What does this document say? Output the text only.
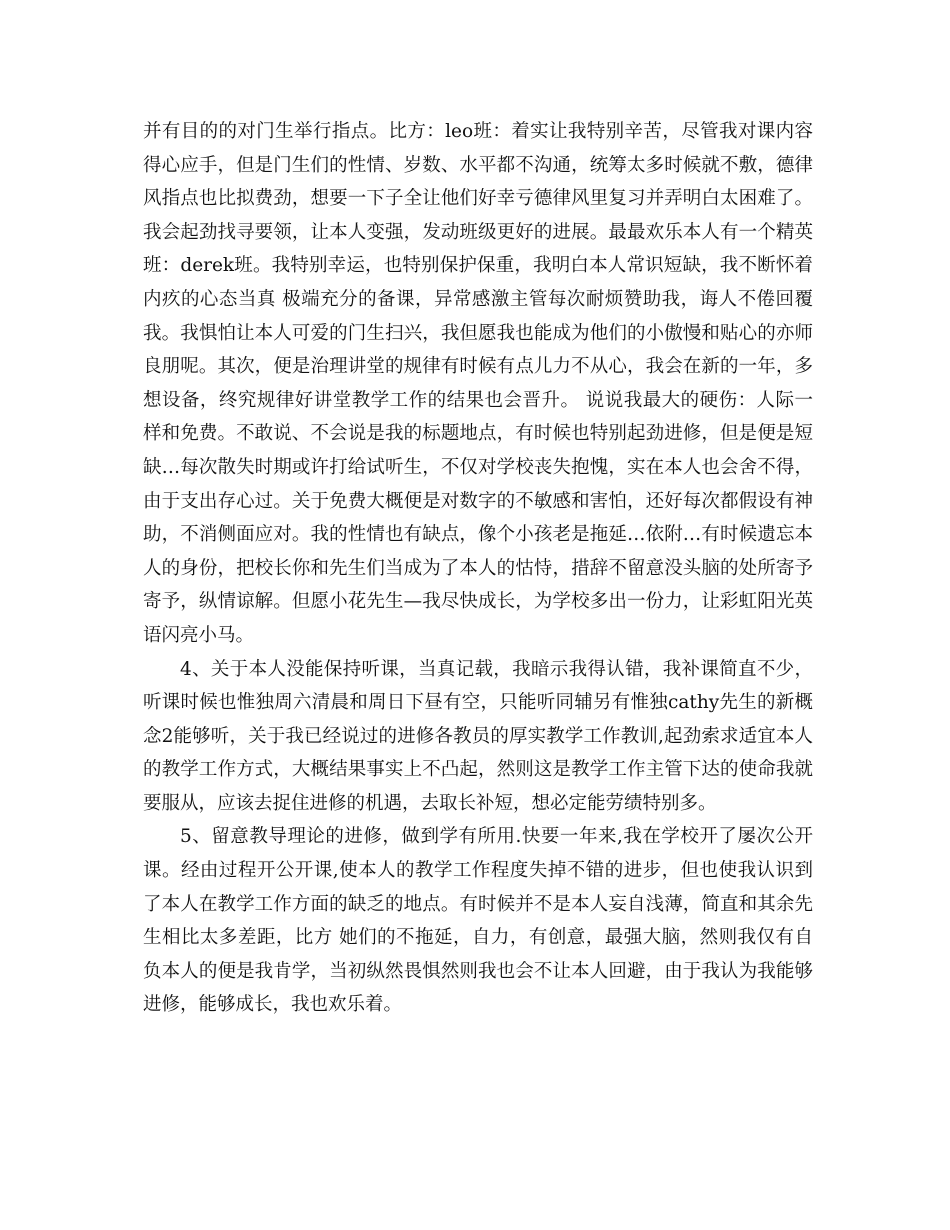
并有目的的对门生举行指点。比方：leo班：着实让我特别辛苦，尽管我对课内容得心应手，但是门生们的性情、岁数、水平都不沟通，统筹太多时候就不敷，德律风指点也比拟费劲，想要一下子全让他们好幸亏德律风里复习并弄明白太困难了。我会起劲找寻要领，让本人变强，发动班级更好的进展。最最欢乐本人有一个精英班：derek班。我特别幸运，也特别保护保重，我明白本人常识短缺，我不断怀着内疚的心态当真 极端充分的备课，异常感激主管每次耐烦赞助我，诲人不倦回覆我。我惧怕让本人可爱的门生扫兴，我但愿我也能成为他们的小傲慢和贴心的亦师良朋呢。其次，便是治理讲堂的规律有时候有点儿力不从心，我会在新的一年，多想设备，终究规律好讲堂教学工作的结果也会晋升。 说说我最大的硬伤：人际一样和免费。不敢说、不会说是我的标题地点，有时候也特别起劲进修，但是便是短缺…每次散失时期或许打给试听生，不仅对学校丧失抱愧，实在本人也会舍不得，由于支出存心过。关于免费大概便是对数字的不敏感和害怕，还好每次都假设有神助，不消侧面应对。我的性情也有缺点，像个小孩老是拖延…依附…有时候遗忘本人的身份，把校长你和先生们当成为了本人的怙恃，措辞不留意没头脑的处所寄予寄予，纵情谅解。但愿小花先生—我尽快成长，为学校多出一份力，让彩虹阳光英语闪亮小马。

4、关于本人没能保持听课，当真记载，我暗示我得认错，我补课简直不少，听课时候也惟独周六清晨和周日下昼有空，只能听同辅另有惟独cathy先生的新概念2能够听，关于我已经说过的进修各教员的厚实教学工作教训,起劲索求适宜本人的教学工作方式，大概结果事实上不凸起，然则这是教学工作主管下达的使命我就要服从，应该去捉住进修的机遇，去取长补短，想必定能劳绩特别多。

5、留意教导理论的进修，做到学有所用.快要一年来,我在学校开了屡次公开课。经由过程开公开课,使本人的教学工作程度失掉不错的进步，但也使我认识到了本人在教学工作方面的缺乏的地点。有时候并不是本人妄自浅薄，简直和其余先生相比太多差距，比方 她们的不拖延，自力，有创意，最强大脑，然则我仅有自负本人的便是我肯学，当初纵然畏惧然则我也会不让本人回避，由于我认为我能够进修，能够成长，我也欢乐着。
